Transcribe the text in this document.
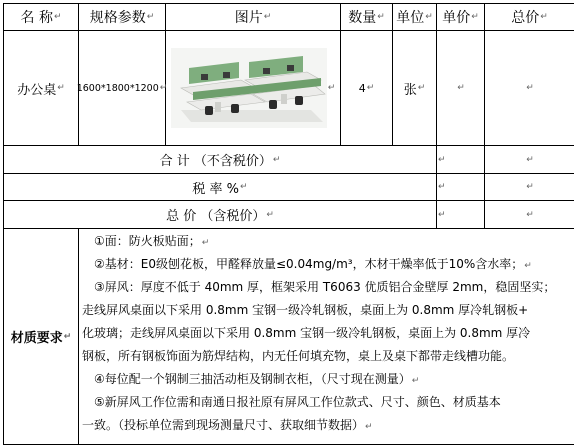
名 称 ↵ 规格参数 ↵	图片 ↵	数量 ↵ 单位 ↵ 单价 ↵ 总价 ↵
办公桌 ↵ 1600*1800*1200 ↵	↵ 4 ↵ 张 ↵	↵	↵
合 计 （不含税价） ↵	↵	↵
税 率 % ↵	↵	↵
总 价 （含税价） ↵	↵	↵
材质要求 ↵
①面：防火板贴面；↵
②基材：E0级刨花板，甲醛释放量≤0.04mg/m³，木材干燥率低于10%含水率；↵
③屏风：厚度不低于 40mm 厚，框架采用 T6063 优质铝合金壁厚 2mm，稳固坚实；
走线屏风桌面以下采用 0.8mm 宝钢一级冷轧钢板，桌面上为 0.8mm 厚冷轧钢板+
化玻璃；走线屏风桌面以下采用 0.8mm 宝钢一级冷轧钢板，桌面上为 0.8mm 厚冷
钢板，所有钢板饰面为筋焊结构，内无任何填充物，桌上及桌下都带走线槽功能。
④每位配一个钢制三抽活动柜及钢制衣柜，（尺寸现在测量）↵
⑤新屏风工作位需和南通日报社原有屏风工作位款式、尺寸、颜色、材质基本
一致。（投标单位需到现场测量尺寸、获取细节数据）↵
